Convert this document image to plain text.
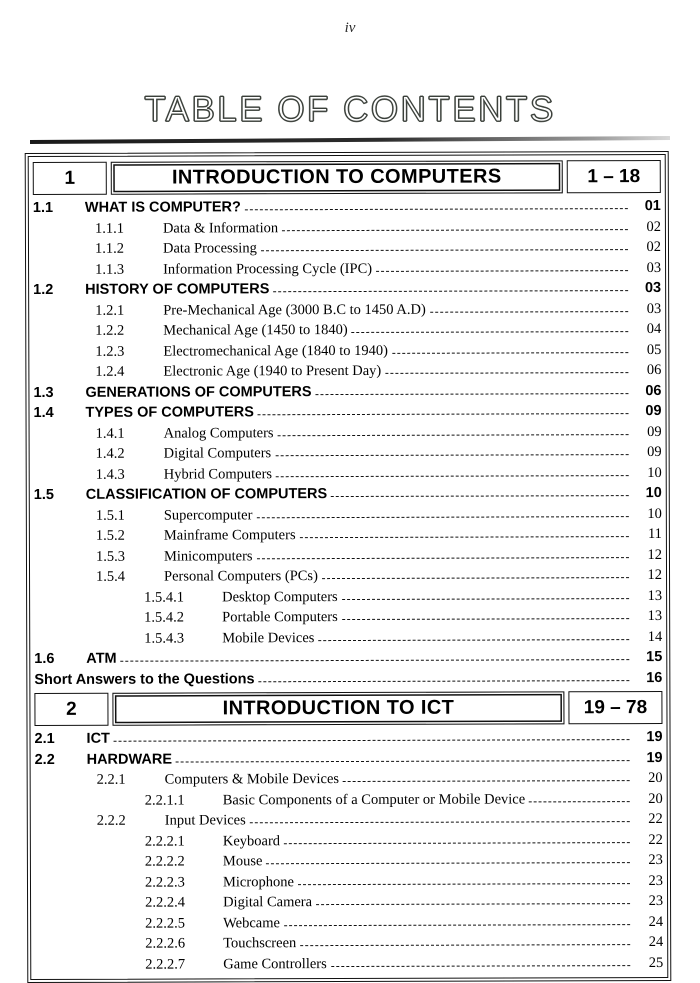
iv
TABLE OF CONTENTS
1	INTRODUCTION TO COMPUTERS	1 – 18
1.1	WHAT IS COMPUTER?	01
1.1.1	Data & Information	02
1.1.2	Data Processing	02
1.1.3	Information Processing Cycle (IPC)	03
1.2	HISTORY OF COMPUTERS	03
1.2.1	Pre-Mechanical Age (3000 B.C to 1450 A.D)	03
1.2.2	Mechanical Age (1450 to 1840)	04
1.2.3	Electromechanical Age (1840 to 1940)	05
1.2.4	Electronic Age (1940 to Present Day)	06
1.3	GENERATIONS OF COMPUTERS	06
1.4	TYPES OF COMPUTERS	09
1.4.1	Analog Computers	09
1.4.2	Digital Computers	09
1.4.3	Hybrid Computers	10
1.5	CLASSIFICATION OF COMPUTERS	10
1.5.1	Supercomputer	10
1.5.2	Mainframe Computers	11
1.5.3	Minicomputers	12
1.5.4	Personal Computers (PCs)	12
1.5.4.1	Desktop Computers	13
1.5.4.2	Portable Computers	13
1.5.4.3	Mobile Devices	14
1.6	ATM	15
Short Answers to the Questions	16
2	INTRODUCTION TO ICT	19 – 78
2.1	ICT	19
2.2	HARDWARE	19
2.2.1	Computers & Mobile Devices	20
2.2.1.1	Basic Components of a Computer or Mobile Device	20
2.2.2	Input Devices	22
2.2.2.1	Keyboard	22
2.2.2.2	Mouse	23
2.2.2.3	Microphone	23
2.2.2.4	Digital Camera	23
2.2.2.5	Webcame	24
2.2.2.6	Touchscreen	24
2.2.2.7	Game Controllers	25
